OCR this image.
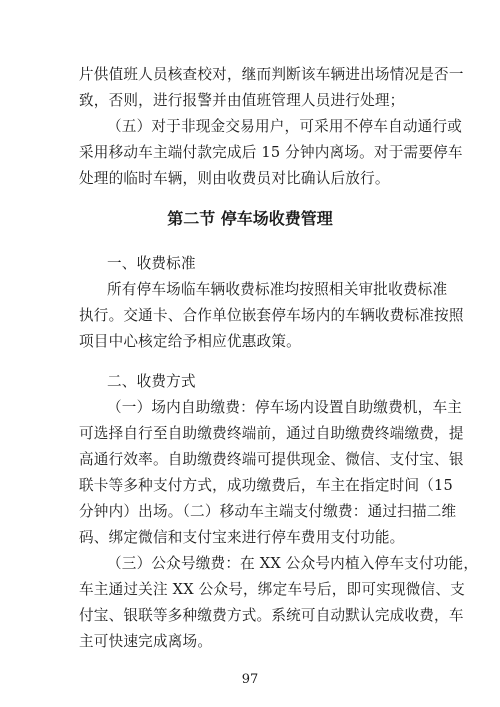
片供值班人员核查校对，继而判断该车辆进出场情况是否一
致，否则，进行报警并由值班管理人员进行处理；
（五）对于非现金交易用户，可采用不停车自动通行或
采用移动车主端付款完成后 15 分钟内离场。对于需要停车
处理的临时车辆，则由收费员对比确认后放行。
第二节 停车场收费管理
一、收费标准
所有停车场临车辆收费标准均按照相关审批收费标准
执行。交通卡、合作单位嵌套停车场内的车辆收费标准按照
项目中心核定给予相应优惠政策。
二、收费方式
（一）场内自助缴费：停车场内设置自助缴费机，车主
可选择自行至自助缴费终端前，通过自助缴费终端缴费，提
高通行效率。自助缴费终端可提供现金、微信、支付宝、银
联卡等多种支付方式，成功缴费后，车主在指定时间（15
分钟内）出场。（二）移动车主端支付缴费：通过扫描二维
码、绑定微信和支付宝来进行停车费用支付功能。
（三）公众号缴费：在 XX 公众号内植入停车支付功能，
车主通过关注 XX 公众号，绑定车号后，即可实现微信、支
付宝、银联等多种缴费方式。系统可自动默认完成收费，车
主可快速完成离场。
97
